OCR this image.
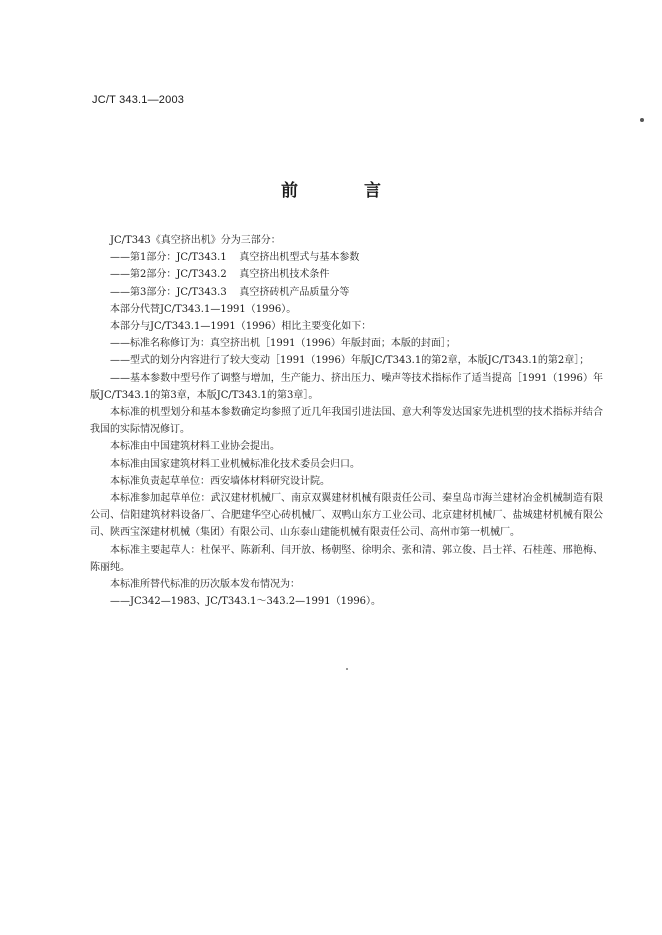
JC/T 343.1—2003
前 言

JC/T343《真空挤出机》分为三部分：

——第1部分：JC/T343.1    真空挤出机型式与基本参数

——第2部分：JC/T343.2    真空挤出机技术条件

——第3部分：JC/T343.3    真空挤砖机产品质量分等

本部分代替JC/T343.1—1991（1996）。

本部分与JC/T343.1—1991（1996）相比主要变化如下：

——标准名称修订为：真空挤出机［1991（1996）年版封面；本版的封面］；

——型式的划分内容进行了较大变动［1991（1996）年版JC/T343.1的第2章，本版JC/T343.1的第2章］；

——基本参数中型号作了调整与增加，生产能力、挤出压力、噪声等技术指标作了适当提高［1991（1996）年版JC/T343.1的第3章，本版JC/T343.1的第3章］。

本标准的机型划分和基本参数确定均参照了近几年我国引进法国、意大利等发达国家先进机型的技术指标并结合我国的实际情况修订。

本标准由中国建筑材料工业协会提出。

本标准由国家建筑材料工业机械标准化技术委员会归口。

本标准负责起草单位：西安墙体材料研究设计院。

本标准参加起草单位：武汉建材机械厂、南京双翼建材机械有限责任公司、秦皇岛市海兰建材冶金机械制造有限公司、信阳建筑材料设备厂、合肥建华空心砖机械厂、双鸭山东方工业公司、北京建材机械厂、盐城建材机械有限公司、陕西宝深建材机械（集团）有限公司、山东泰山建能机械有限责任公司、高州市第一机械厂。

本标准主要起草人：杜保平、陈新利、闫开放、杨朝堅、徐明余、张和清、郭立俊、吕士祥、石桂莲、邢艳梅、陈丽纯。

本标准所替代标准的历次版本发布情况为：

——JC342—1983、JC/T343.1～343.2—1991（1996）。
